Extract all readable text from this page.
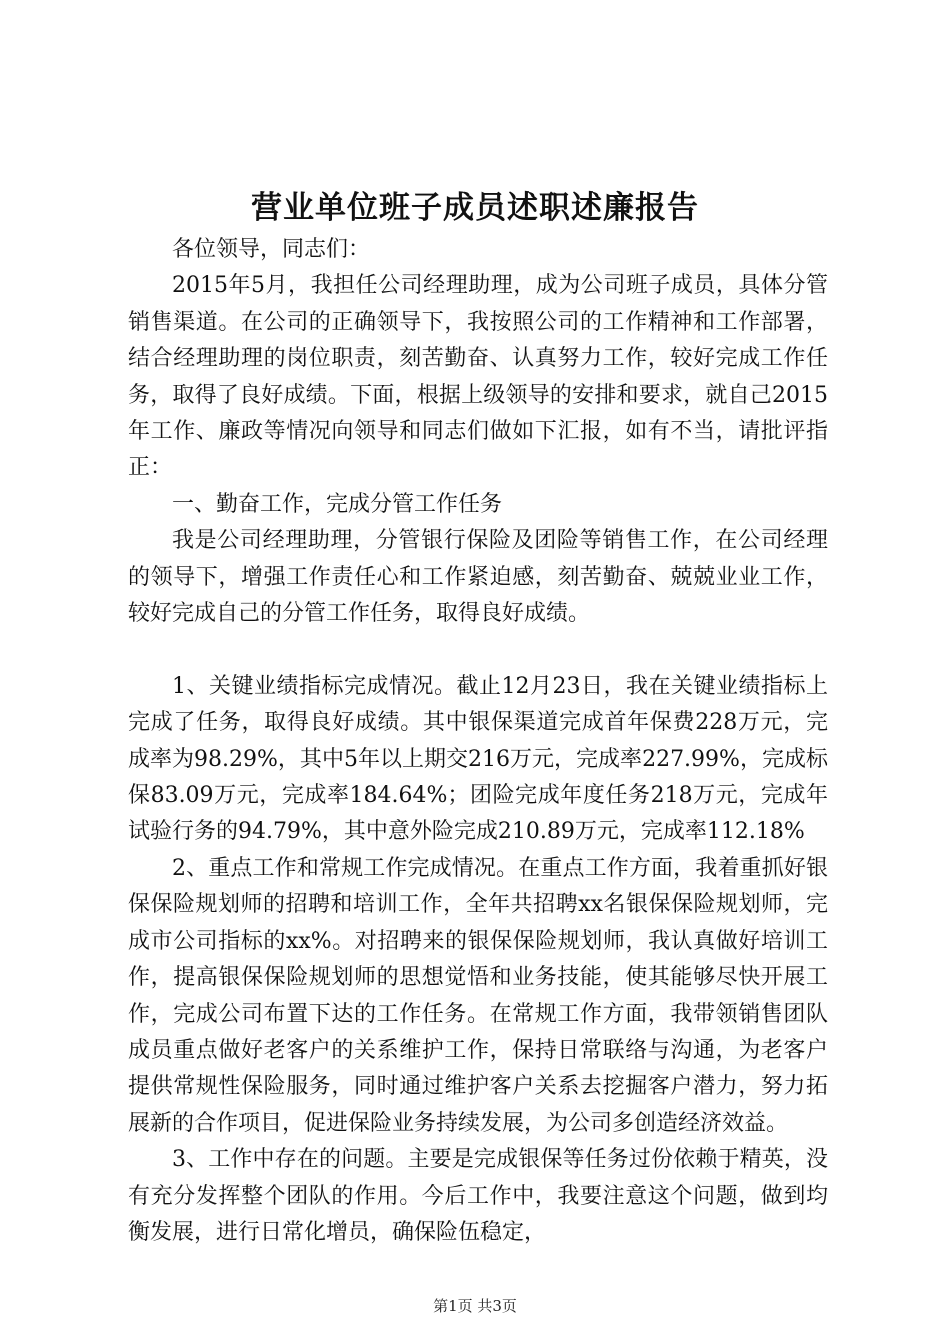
营业单位班子成员述职述廉报告

各位领导，同志们：

2015年5月，我担任公司经理助理，成为公司班子成员，具体分管销售渠道。在公司的正确领导下，我按照公司的工作精神和工作部署，结合经理助理的岗位职责，刻苦勤奋、认真努力工作，较好完成工作任务，取得了良好成绩。下面，根据上级领导的安排和要求，就自己2015年工作、廉政等情况向领导和同志们做如下汇报，如有不当，请批评指正：

一、勤奋工作，完成分管工作任务

我是公司经理助理，分管银行保险及团险等销售工作，在公司经理的领导下，增强工作责任心和工作紧迫感，刻苦勤奋、兢兢业业工作，较好完成自己的分管工作任务，取得良好成绩。

1、关键业绩指标完成情况。截止12月23日，我在关键业绩指标上完成了任务，取得良好成绩。其中银保渠道完成首年保费228万元，完成率为98.29%，其中5年以上期交216万元，完成率227.99%，完成标保83.09万元，完成率184.64%；团险完成年度任务218万元，完成年试验行务的94.79%，其中意外险完成210.89万元，完成率112.18%

2、重点工作和常规工作完成情况。在重点工作方面，我着重抓好银保保险规划师的招聘和培训工作，全年共招聘xx名银保保险规划师，完成市公司指标的xx%。对招聘来的银保保险规划师，我认真做好培训工作，提高银保保险规划师的思想觉悟和业务技能，使其能够尽快开展工作，完成公司布置下达的工作任务。在常规工作方面，我带领销售团队成员重点做好老客户的关系维护工作，保持日常联络与沟通，为老客户提供常规性保险服务，同时通过维护客户关系去挖掘客户潜力，努力拓展新的合作项目，促进保险业务持续发展，为公司多创造经济效益。

3、工作中存在的问题。主要是完成银保等任务过份依赖于精英，没有充分发挥整个团队的作用。今后工作中，我要注意这个问题，做到均衡发展，进行日常化增员，确保险伍稳定，

第1页 共3页
